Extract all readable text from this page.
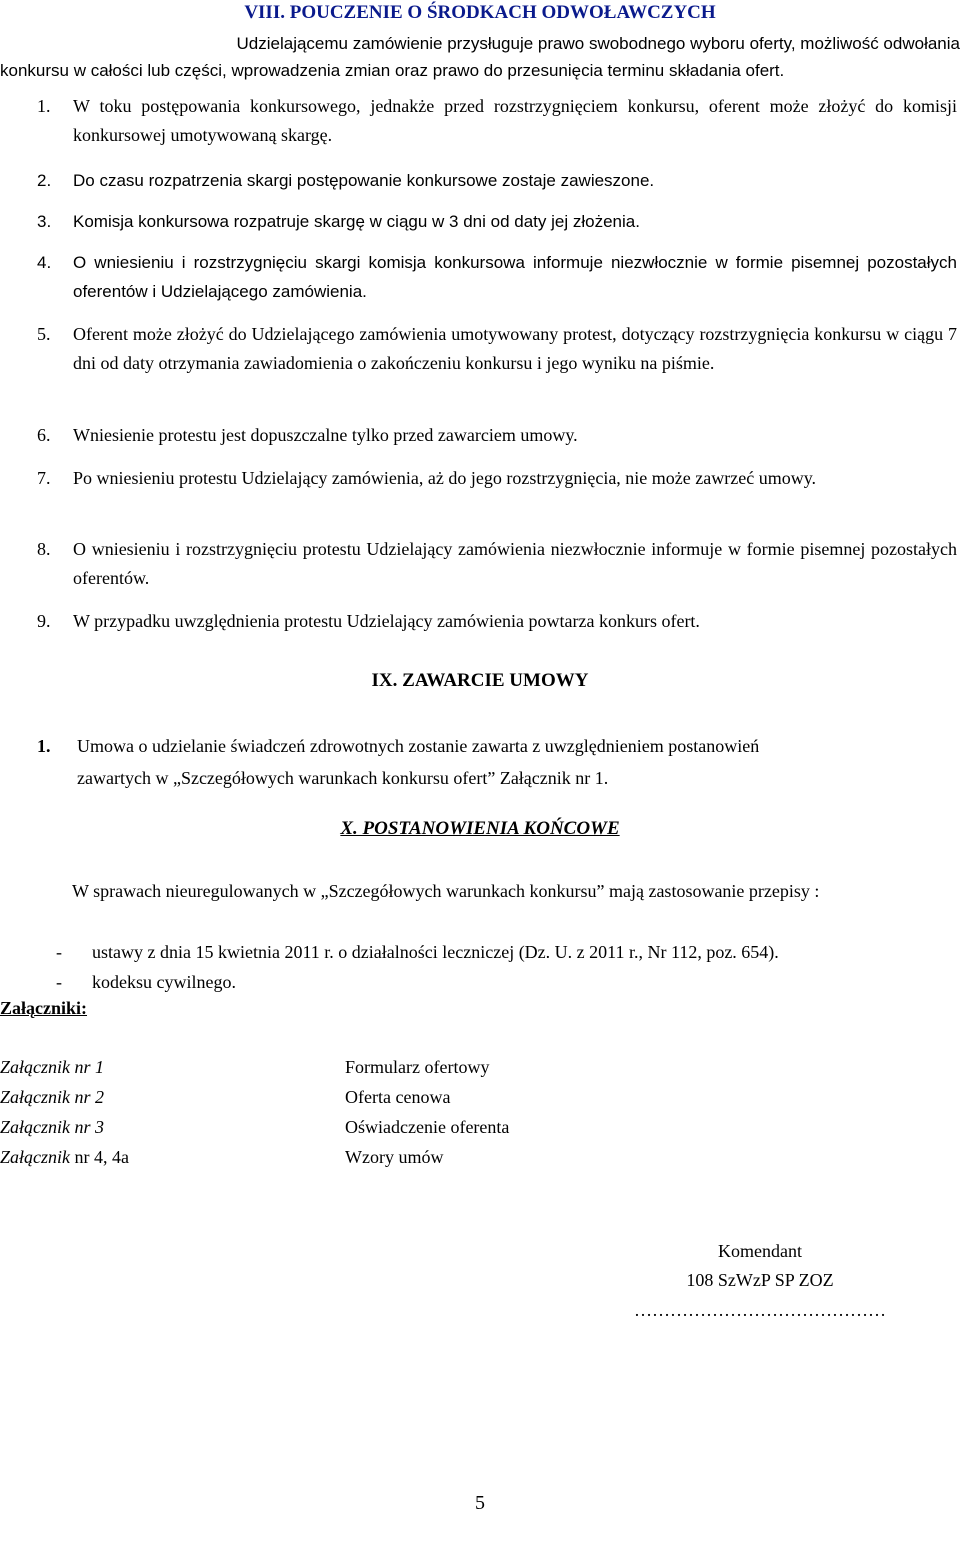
VIII. POUCZENIE O ŚRODKACH ODWOŁAWCZYCH
Udzielającemu zamówienie przysługuje prawo swobodnego wyboru oferty, możliwość odwołania
konkursu w całości lub części, wprowadzenia zmian oraz prawo do przesunięcia terminu składania ofert.
1.	W toku postępowania konkursowego, jednakże przed rozstrzygnięciem konkursu, oferent może złożyć do komisji konkursowej umotywowaną skargę.
2.	Do czasu rozpatrzenia skargi postępowanie konkursowe zostaje zawieszone.
3.	Komisja konkursowa rozpatruje skargę w ciągu w 3 dni od daty jej złożenia.
4.	O wniesieniu i rozstrzygnięciu skargi komisja konkursowa informuje niezwłocznie w formie pisemnej pozostałych oferentów i Udzielającego zamówienia.
5.	Oferent może złożyć do Udzielającego zamówienia umotywowany protest, dotyczący rozstrzygnięcia konkursu w ciągu 7 dni od daty otrzymania zawiadomienia o zakończeniu konkursu i jego wyniku na piśmie.
6.	Wniesienie protestu jest dopuszczalne tylko przed zawarciem umowy.
7.	Po wniesieniu protestu Udzielający zamówienia, aż do jego rozstrzygnięcia, nie może zawrzeć umowy.
8.	O wniesieniu i rozstrzygnięciu protestu Udzielający zamówienia niezwłocznie informuje w formie pisemnej pozostałych oferentów.
9.	W przypadku uwzględnienia protestu Udzielający zamówienia powtarza konkurs ofert.
IX. ZAWARCIE UMOWY
1. Umowa o udzielanie świadczeń zdrowotnych zostanie zawarta z uwzględnieniem postanowień
zawartych w „Szczegółowych warunkach konkursu ofert” Załącznik nr 1.
X. POSTANOWIENIA KOŃCOWE
W sprawach nieuregulowanych w „Szczegółowych warunkach konkursu” mają zastosowanie przepisy :
- ustawy z dnia 15 kwietnia 2011 r. o działalności leczniczej (Dz. U. z 2011 r., Nr 112, poz. 654).
- kodeksu cywilnego.
Załączniki:
Załącznik nr 1	Formularz ofertowy
Załącznik nr 2	Oferta cenowa
Załącznik nr 3	Oświadczenie oferenta
Załącznik nr 4, 4a	Wzory umów
Komendant
108 SzWzP SP ZOZ
……………………………………
5
